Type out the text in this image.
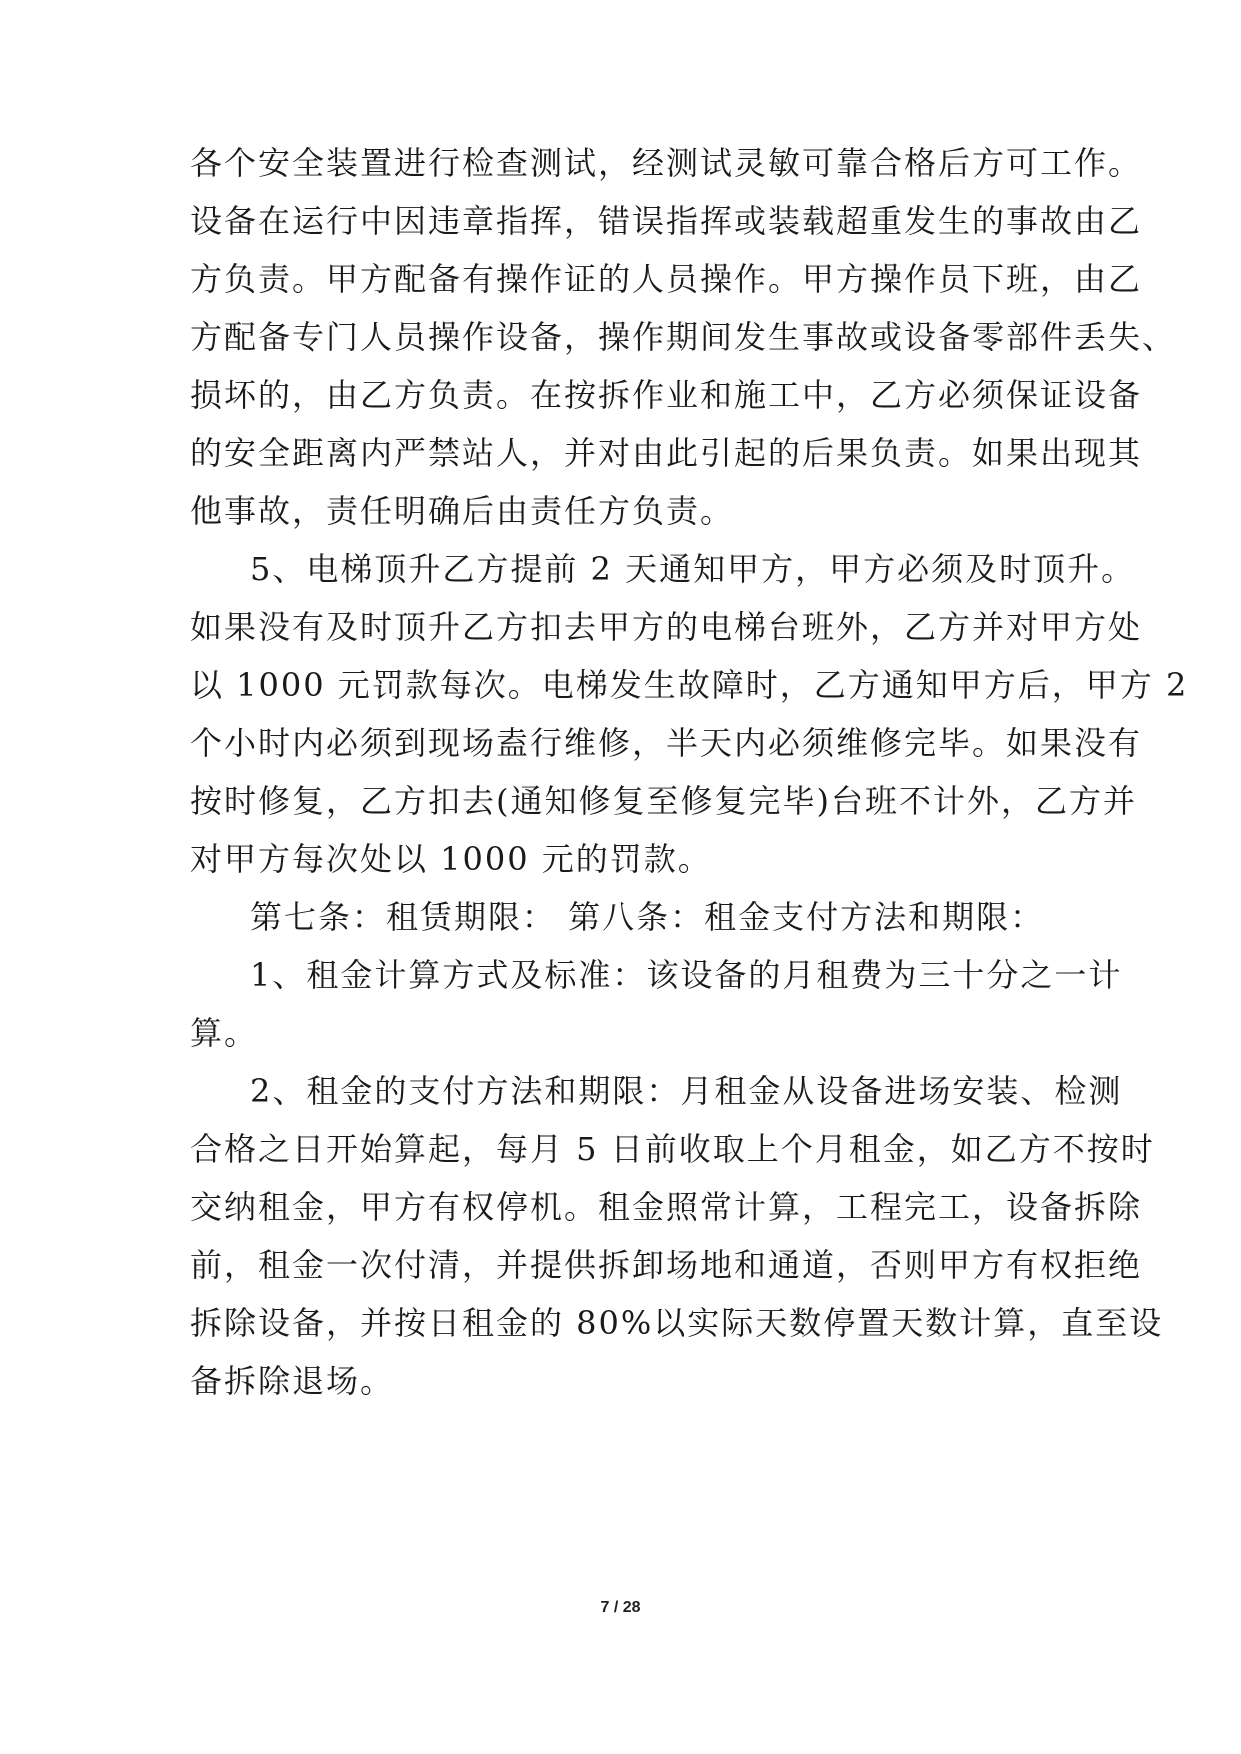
各个安全装置进行检查测试，经测试灵敏可靠合格后方可工作。
设备在运行中因违章指挥，错误指挥或装载超重发生的事故由乙
方负责。甲方配备有操作证的人员操作。甲方操作员下班，由乙
方配备专门人员操作设备，操作期间发生事故或设备零部件丢失、
损坏的，由乙方负责。在按拆作业和施工中，乙方必须保证设备
的安全距离内严禁站人，并对由此引起的后果负责。如果出现其
他事故，责任明确后由责任方负责。
5、电梯顶升乙方提前 2 天通知甲方，甲方必须及时顶升。
如果没有及时顶升乙方扣去甲方的电梯台班外，乙方并对甲方处
以 1000 元罚款每次。电梯发生故障时，乙方通知甲方后，甲方 2
个小时内必须到现场盍行维修，半天内必须维修完毕。如果没有
按时修复，乙方扣去(通知修复至修复完毕)台班不计外，乙方并
对甲方每次处以 1000 元的罚款。
第七条：租赁期限： 第八条：租金支付方法和期限：
1、租金计算方式及标准：该设备的月租费为三十分之一计
算。
2、租金的支付方法和期限：月租金从设备进场安装、检测
合格之日开始算起，每月 5 日前收取上个月租金，如乙方不按时
交纳租金，甲方有权停机。租金照常计算，工程完工，设备拆除
前，租金一次付清，并提供拆卸场地和通道，否则甲方有权拒绝
拆除设备，并按日租金的 80%以实际天数停置天数计算，直至设
备拆除退场。
7 / 28
